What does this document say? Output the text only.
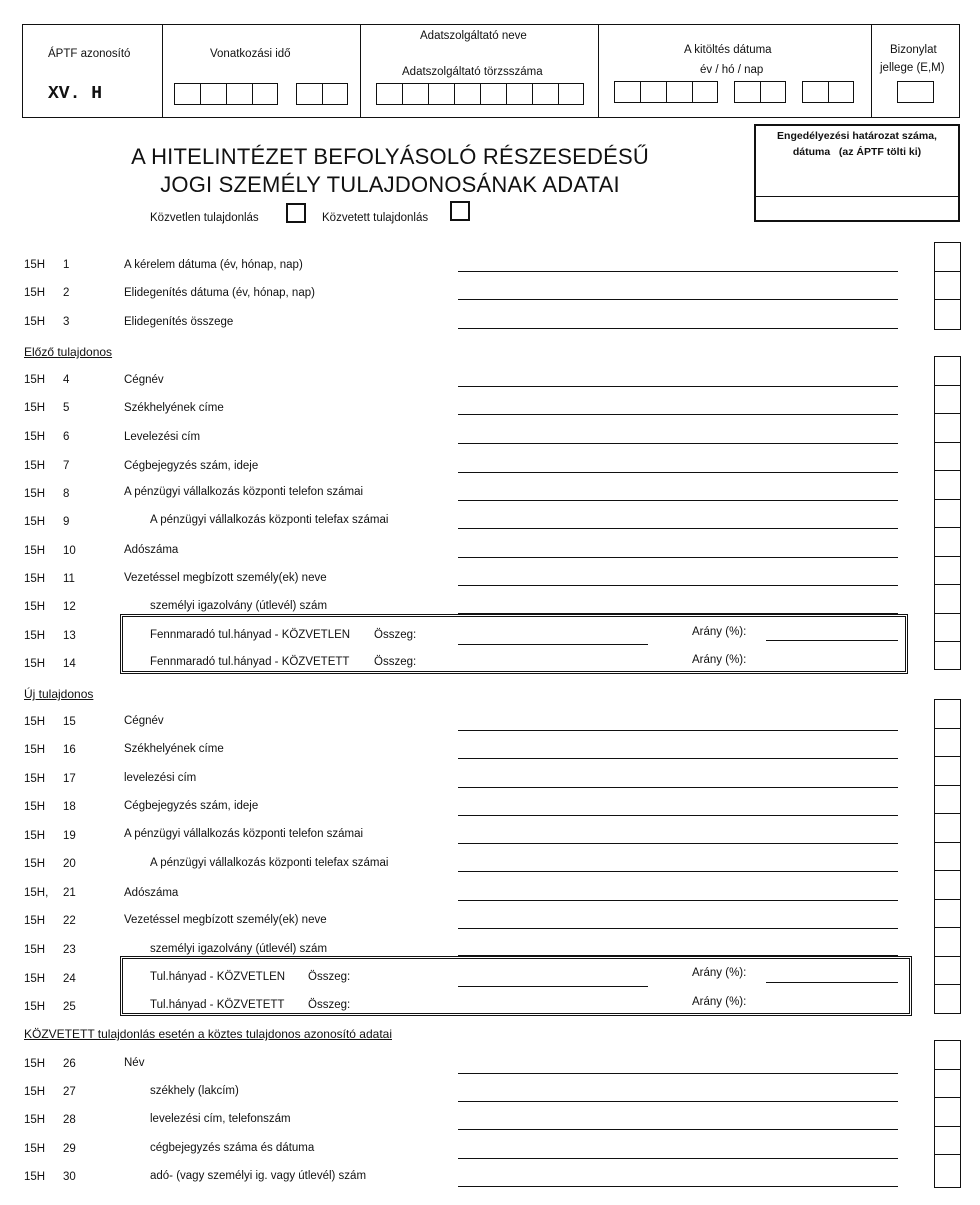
ÁPTF azonosító
XV. H
Vonatkozási idő
Adatszolgáltató neve
Adatszolgáltató törzsszáma
A kitöltés dátuma
év / hó / nap
Bizonylat
jellege (E,M)
Engedélyezési határozat száma,
dátuma   (az ÁPTF tölti ki)
A HITELINTÉZET BEFOLYÁSOLÓ RÉSZESEDÉSŰ
JOGI SZEMÉLY TULAJDONOSÁNAK ADATAI
Közvetlen tulajdonlás	Közvetett tulajdonlás
Előző tulajdonos
Új tulajdonos
KÖZVETETT tulajdonlás esetén a köztes tulajdonos azonosító adatai
15H 1	A kérelem dátuma (év, hónap, nap)
15H 2	Elidegenítés dátuma (év, hónap, nap)
15H 3	Elidegenítés összege
15H 4	Cégnév
15H 5	Székhelyének címe
15H 6	Levelezési cím
15H 7	Cégbejegyzés szám, ideje
15H 8	A pénzügyi vállalkozás központi telefon számai
15H 9	A pénzügyi vállalkozás központi telefax számai
15H 10	Adószáma
15H 11	Vezetéssel megbízott személy(ek) neve
15H 12	személyi igazolvány (útlevél) szám
15H 13	Fennmaradó tul.hányad - KÖZVETLEN Összeg:	Arány (%):
15H 14	Fennmaradó tul.hányad - KÖZVETETT Összeg:	Arány (%):
15H 15	Cégnév
15H 16	Székhelyének címe
15H 17	levelezési cím
15H 18	Cégbejegyzés szám, ideje
15H 19	A pénzügyi vállalkozás központi telefon számai
15H 20	A pénzügyi vállalkozás központi telefax számai
15H, 21	Adószáma
15H 22	Vezetéssel megbízott személy(ek) neve
15H 23	személyi igazolvány (útlevél) szám
15H 24	Tul.hányad - KÖZVETLEN Összeg:	Arány (%):
15H 25	Tul.hányad - KÖZVETETT Összeg:	Arány (%):
15H 26	Név
15H 27	székhely (lakcím)
15H 28	levelezési cím, telefonszám
15H 29	cégbejegyzés száma és dátuma
15H 30	adó- (vagy személyi ig. vagy útlevél) szám
